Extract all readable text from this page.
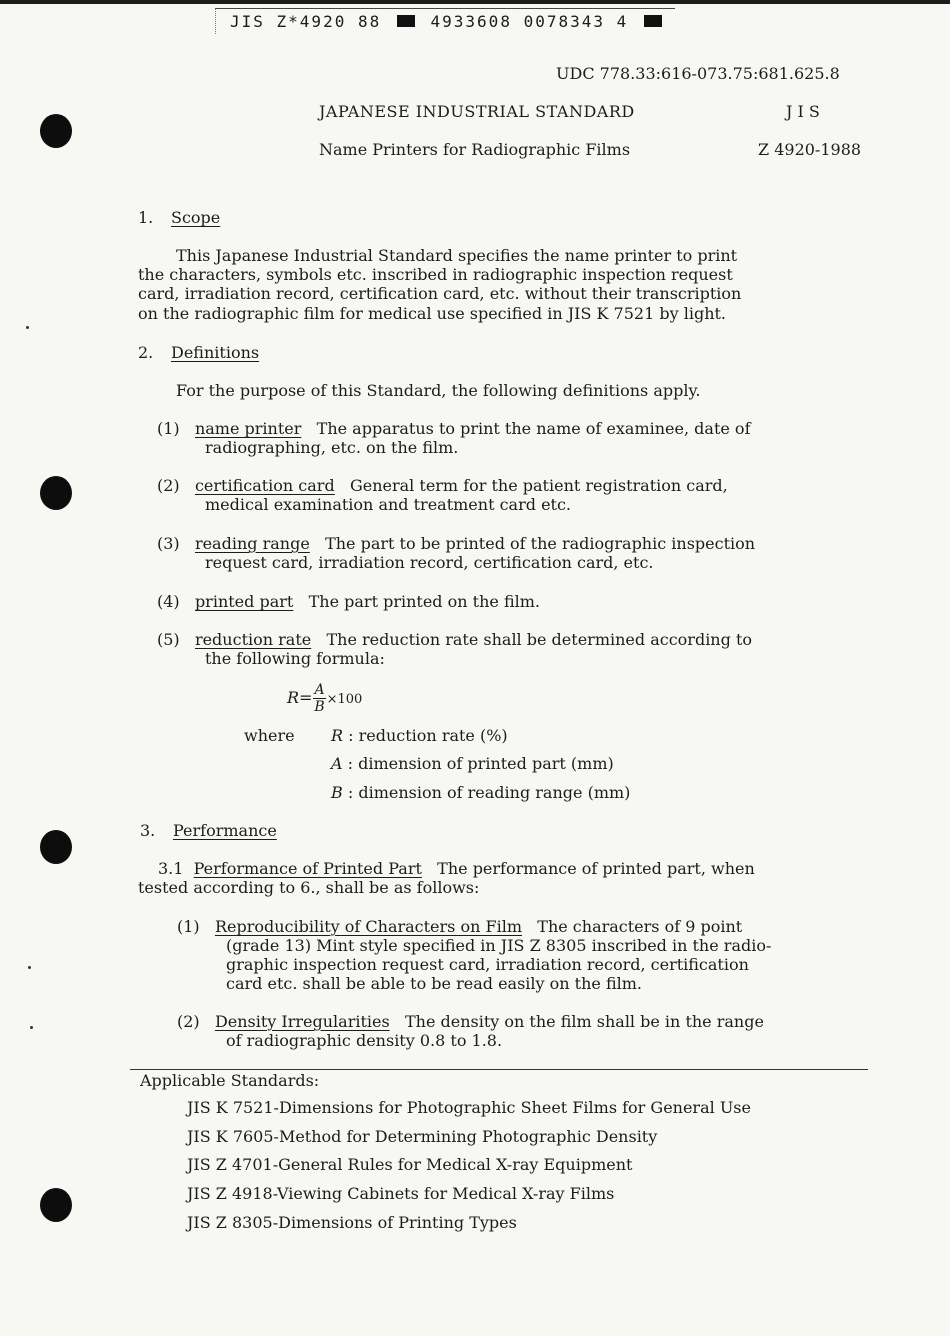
JIS Z*4920 88	4933608 0078343 4
UDC 778.33:616-073.75:681.625.8
JAPANESE INDUSTRIAL STANDARD	J I S
Name Printers for Radiographic Films	Z 4920-1988
1. Scope
This Japanese Industrial Standard specifies the name printer to print
the characters, symbols etc. inscribed in radiographic inspection request
card, irradiation record, certification card, etc. without their transcription
on the radiographic film for medical use specified in JIS K 7521 by light.
2. Definitions
For the purpose of this Standard, the following definitions apply.
(1) name printer The apparatus to print the name of examinee, date of
radiographing, etc. on the film.
(2) certification card General term for the patient registration card,
medical examination and treatment card etc.
(3) reading range The part to be printed of the radiographic inspection
request card, irradiation record, certification card, etc.
(4) printed part The part printed on the film.
(5) reduction rate The reduction rate shall be determined according to
the following formula:
$R= \frac{A}{B} \times 100$
where R : reduction rate (%)
A : dimension of printed part (mm)
B : dimension of reading range (mm)
3. Performance
3.1 Performance of Printed Part The performance of printed part, when
tested according to 6., shall be as follows:
(1) Reproducibility of Characters on Film The characters of 9 point
(grade 13) Mint style specified in JIS Z 8305 inscribed in the radio-
graphic inspection request card, irradiation record, certification
card etc. shall be able to be read easily on the film.
(2) Density Irregularities The density on the film shall be in the range
of radiographic density 0.8 to 1.8.
Applicable Standards:
JIS K 7521-Dimensions for Photographic Sheet Films for General Use
JIS K 7605-Method for Determining Photographic Density
JIS Z 4701-General Rules for Medical X-ray Equipment
JIS Z 4918-Viewing Cabinets for Medical X-ray Films
JIS Z 8305-Dimensions of Printing Types
